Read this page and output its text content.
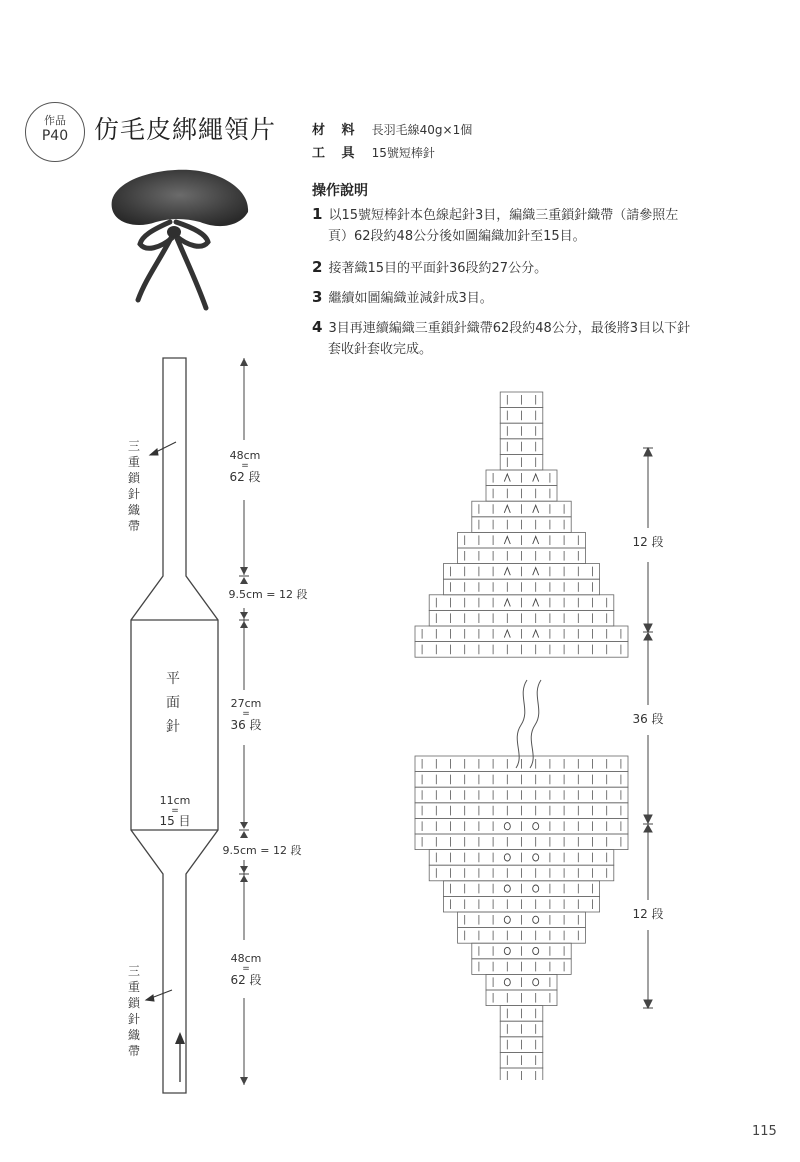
作品
P40	仿毛皮綁繩領片	材 料 長羽毛線40g×1個
工 具 15號短棒針
操作說明
1 以15號短棒針本色線起針3目，編織三重鎖針織帶（請參照左
頁）62段約48公分後如圖編織加針至15目。
2 接著織15目的平面針36段約27公分。
3 繼續如圖編織並減針成3目。
4 3目再連續編織三重鎖針織帶62段約48公分，最後將3目以下針
套收針套收完成。
三
重
鎖
針
織
帶
三
重
鎖
針
織
帶
平
面
針
11cm
=
15 目
48cm
=
62 段
9.5cm = 12 段
27cm
=
36 段
9.5cm = 12 段
48cm
=
62 段
12 段
36 段
12 段
115
